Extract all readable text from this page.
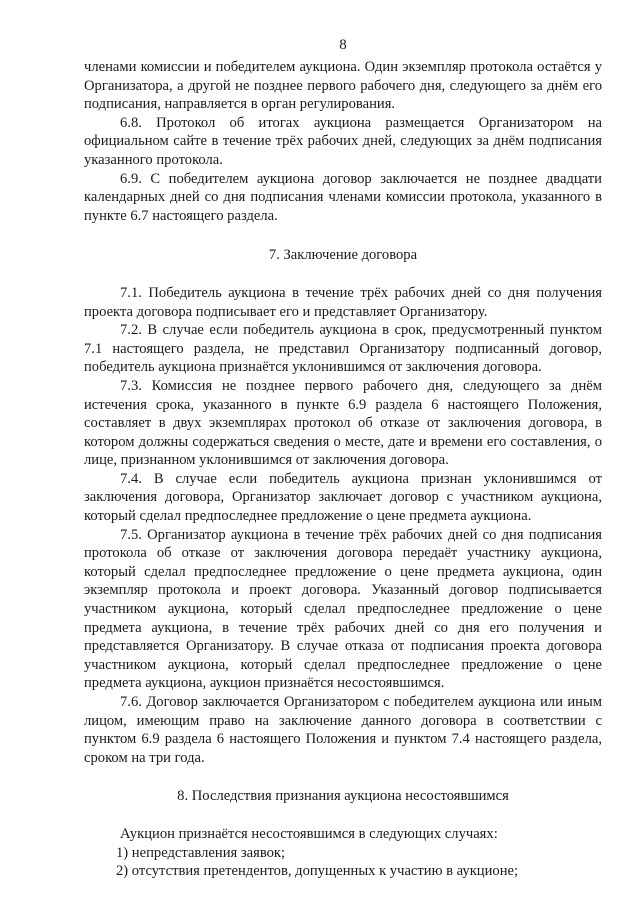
8

членами комиссии и победителем аукциона. Один экземпляр протокола остаётся у Организатора, а другой не позднее первого рабочего дня, следующего за днём его подписания, направляется в орган регулирования.

6.8. Протокол об итогах аукциона размещается Организатором на официальном сайте в течение трёх рабочих дней, следующих за днём подписания указанного протокола.

6.9. С победителем аукциона договор заключается не позднее двадцати календарных дней со дня подписания членами комиссии протокола, указанного в пункте 6.7 настоящего раздела.

7. Заключение договора

7.1. Победитель аукциона в течение трёх рабочих дней со дня получения проекта договора подписывает его и представляет Организатору.

7.2. В случае если победитель аукциона в срок, предусмотренный пунктом 7.1 настоящего раздела, не представил Организатору подписанный договор, победитель аукциона признаётся уклонившимся от заключения договора.

7.3. Комиссия не позднее первого рабочего дня, следующего за днём истечения срока, указанного в пункте 6.9 раздела 6 настоящего Положения, составляет в двух экземплярах протокол об отказе от заключения договора, в котором должны содержаться сведения о месте, дате и времени его составления, о лице, признанном уклонившимся от заключения договора.

7.4. В случае если победитель аукциона признан уклонившимся от заключения договора, Организатор заключает договор с участником аукциона, который сделал предпоследнее предложение о цене предмета аукциона.

7.5. Организатор аукциона в течение трёх рабочих дней со дня подписания протокола об отказе от заключения договора передаёт участнику аукциона, который сделал предпоследнее предложение о цене предмета аукциона, один экземпляр протокола и проект договора. Указанный договор подписывается участником аукциона, который сделал предпоследнее предложение о цене предмета аукциона, в течение трёх рабочих дней со дня его получения и представляется Организатору. В случае отказа от подписания проекта договора участником аукциона, который сделал предпоследнее предложение о цене предмета аукциона, аукцион признаётся несостоявшимся.

7.6. Договор заключается Организатором с победителем аукциона или иным лицом, имеющим право на заключение данного договора в соответствии с пунктом 6.9 раздела 6 настоящего Положения и пунктом 7.4 настоящего раздела, сроком на три года.

8. Последствия признания аукциона несостоявшимся

Аукцион признаётся несостоявшимся в следующих случаях:

1) непредставления заявок;

2) отсутствия претендентов, допущенных к участию в аукционе;
